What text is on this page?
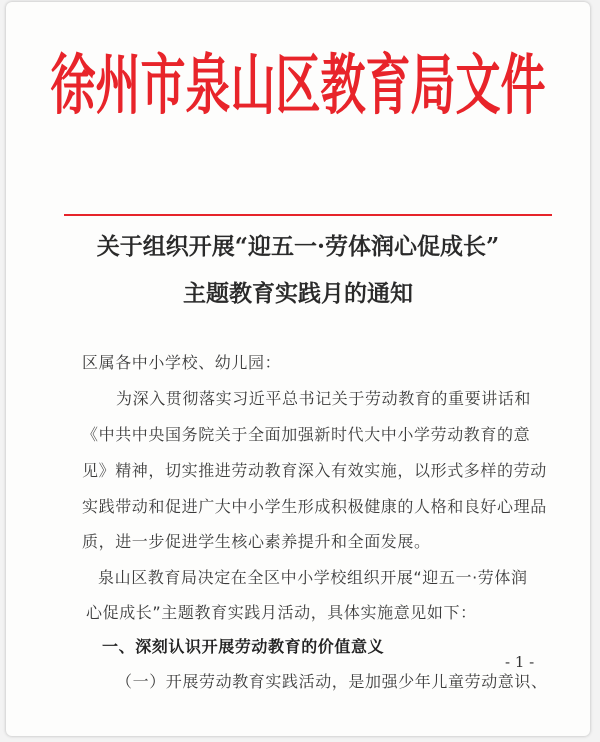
徐州市泉山区教育局文件
关于组织开展“迎五一·劳体润心促成长”
主题教育实践月的通知
区属各中小学校、幼儿园：
为深入贯彻落实习近平总书记关于劳动教育的重要讲话和
《中共中央国务院关于全面加强新时代大中小学劳动教育的意
见》精神，切实推进劳动教育深入有效实施，以形式多样的劳动
实践带动和促进广大中小学生形成积极健康的人格和良好心理品
质，进一步促进学生核心素养提升和全面发展。
泉山区教育局决定在全区中小学校组织开展“迎五一·劳体润
心促成长”主题教育实践月活动，具体实施意见如下：
一、深刻认识开展劳动教育的价值意义
（一）开展劳动教育实践活动，是加强少年儿童劳动意识、
- 1 -
